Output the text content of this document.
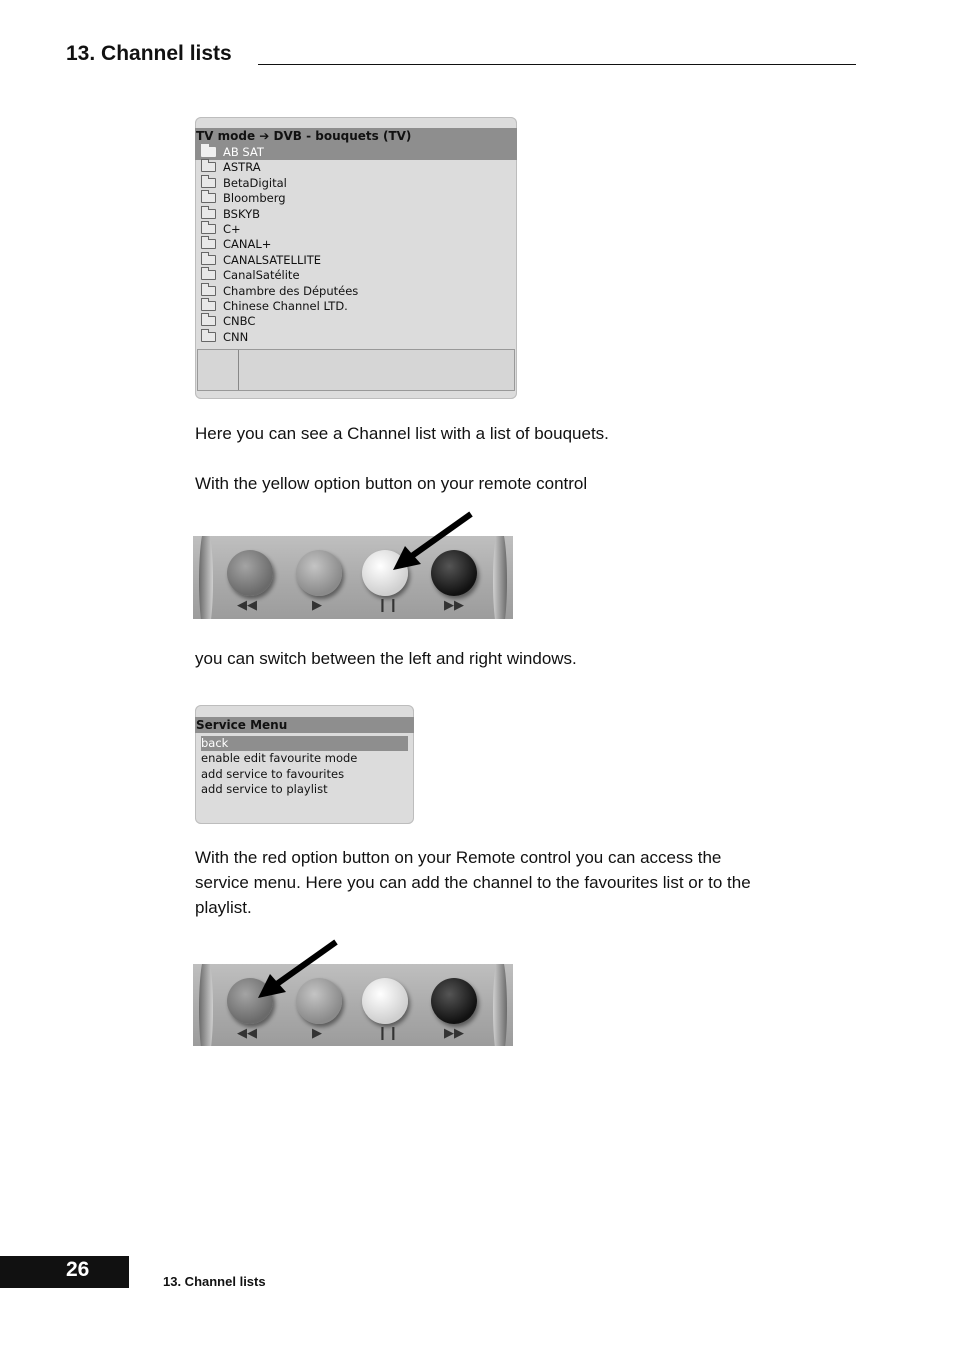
13. Channel lists
TV mode ➔ DVB - bouquets (TV)
AB SAT
ASTRA
BetaDigital
Bloomberg
BSKYB
C+
CANAL+
CANALSATELLITE
CanalSatélite
Chambre des Députées
Chinese Channel LTD.
CNBC
CNN
Here you can see a Channel list with a list of bouquets.
With the yellow option button on your remote control
◀◀	▶	❙❙	▶▶
you can switch between the left and right windows.
Service Menu
back
enable edit favourite mode
add service to favourites
add service to playlist
With the red option button on your Remote control you can access the
service menu. Here you can add the channel to the favourites list or to the
playlist.
◀◀	▶	❙❙	▶▶
26
13. Channel lists
